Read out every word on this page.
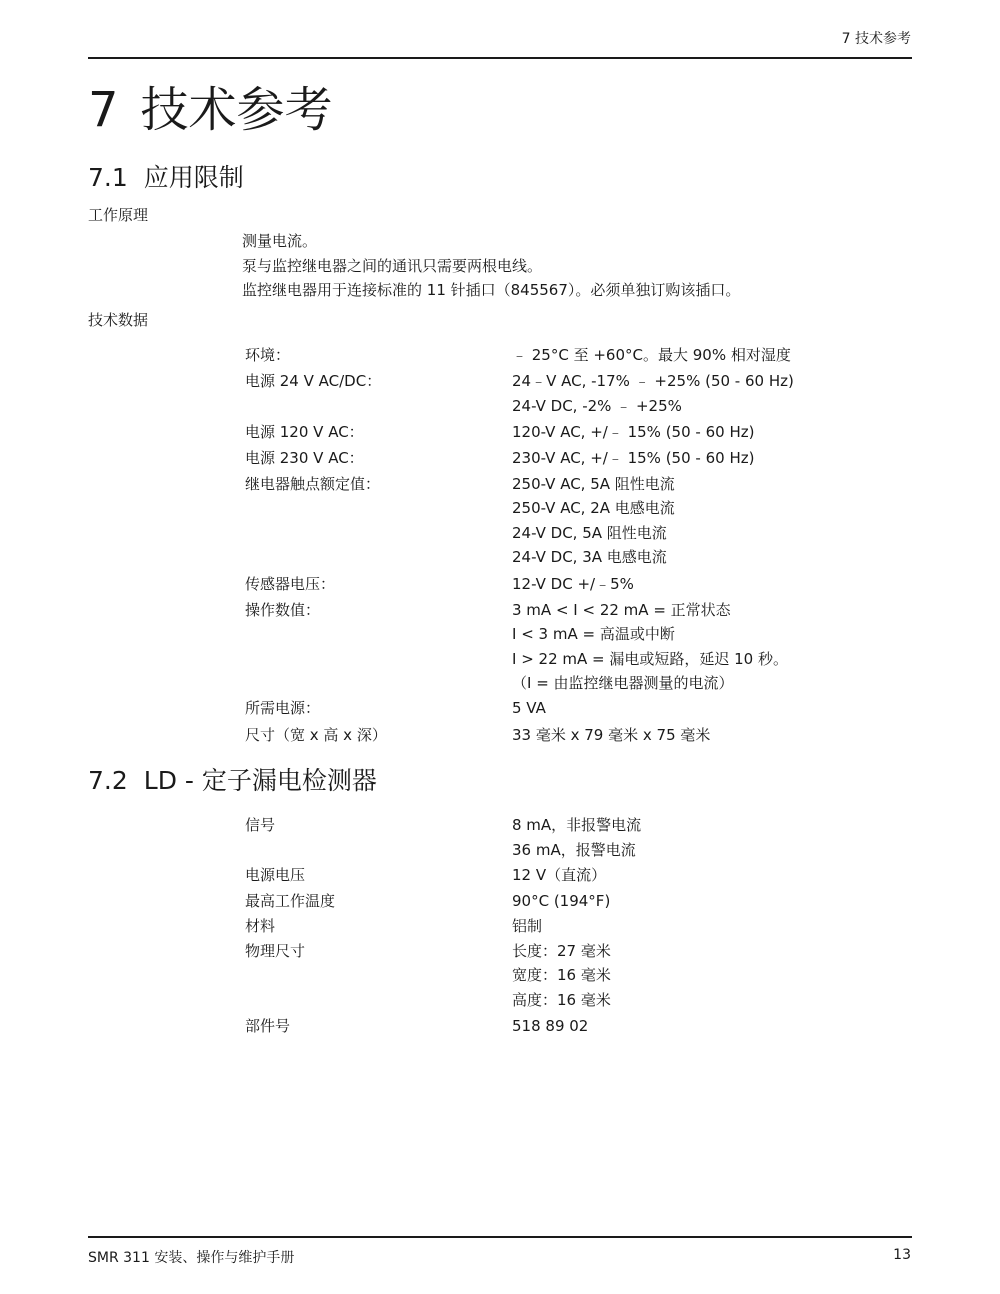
7 技术参考
7 技术参考
7.1 应用限制
工作原理
测量电流。
泵与监控继电器之间的通讯只需要两根电线。
监控继电器用于连接标准的 11 针插口（845567）。必须单独订购该插口。
技术数据
环境：	﹣ 25°C 至 +60°C。最大 90% 相对湿度
电源 24 V AC/DC：	24﹣V AC, -17% ﹣ +25% (50 - 60 Hz)
24-V DC, -2% ﹣ +25%
电源 120 V AC：	120-V AC, +/﹣ 15% (50 - 60 Hz)
电源 230 V AC：	230-V AC, +/﹣ 15% (50 - 60 Hz)
继电器触点额定值：	250-V AC, 5A 阻性电流
250-V AC, 2A 电感电流
24-V DC, 5A 阻性电流
24-V DC, 3A 电感电流
传感器电压：	12-V DC +/﹣5%
操作数值：	3 mA < I < 22 mA = 正常状态
I < 3 mA = 高温或中断
I > 22 mA = 漏电或短路，延迟 10 秒。
（I = 由监控继电器测量的电流）
所需电源：	5 VA
尺寸（宽 x 高 x 深）	33 毫米 x 79 毫米 x 75 毫米
7.2 LD - 定子漏电检测器
信号	8 mA，非报警电流
36 mA，报警电流
电源电压	12 V（直流）
最高工作温度	90°C (194°F)
材料	铝制
物理尺寸	长度：27 毫米
宽度：16 毫米
高度：16 毫米
部件号	518 89 02
SMR 311 安装、操作与维护手册	13
